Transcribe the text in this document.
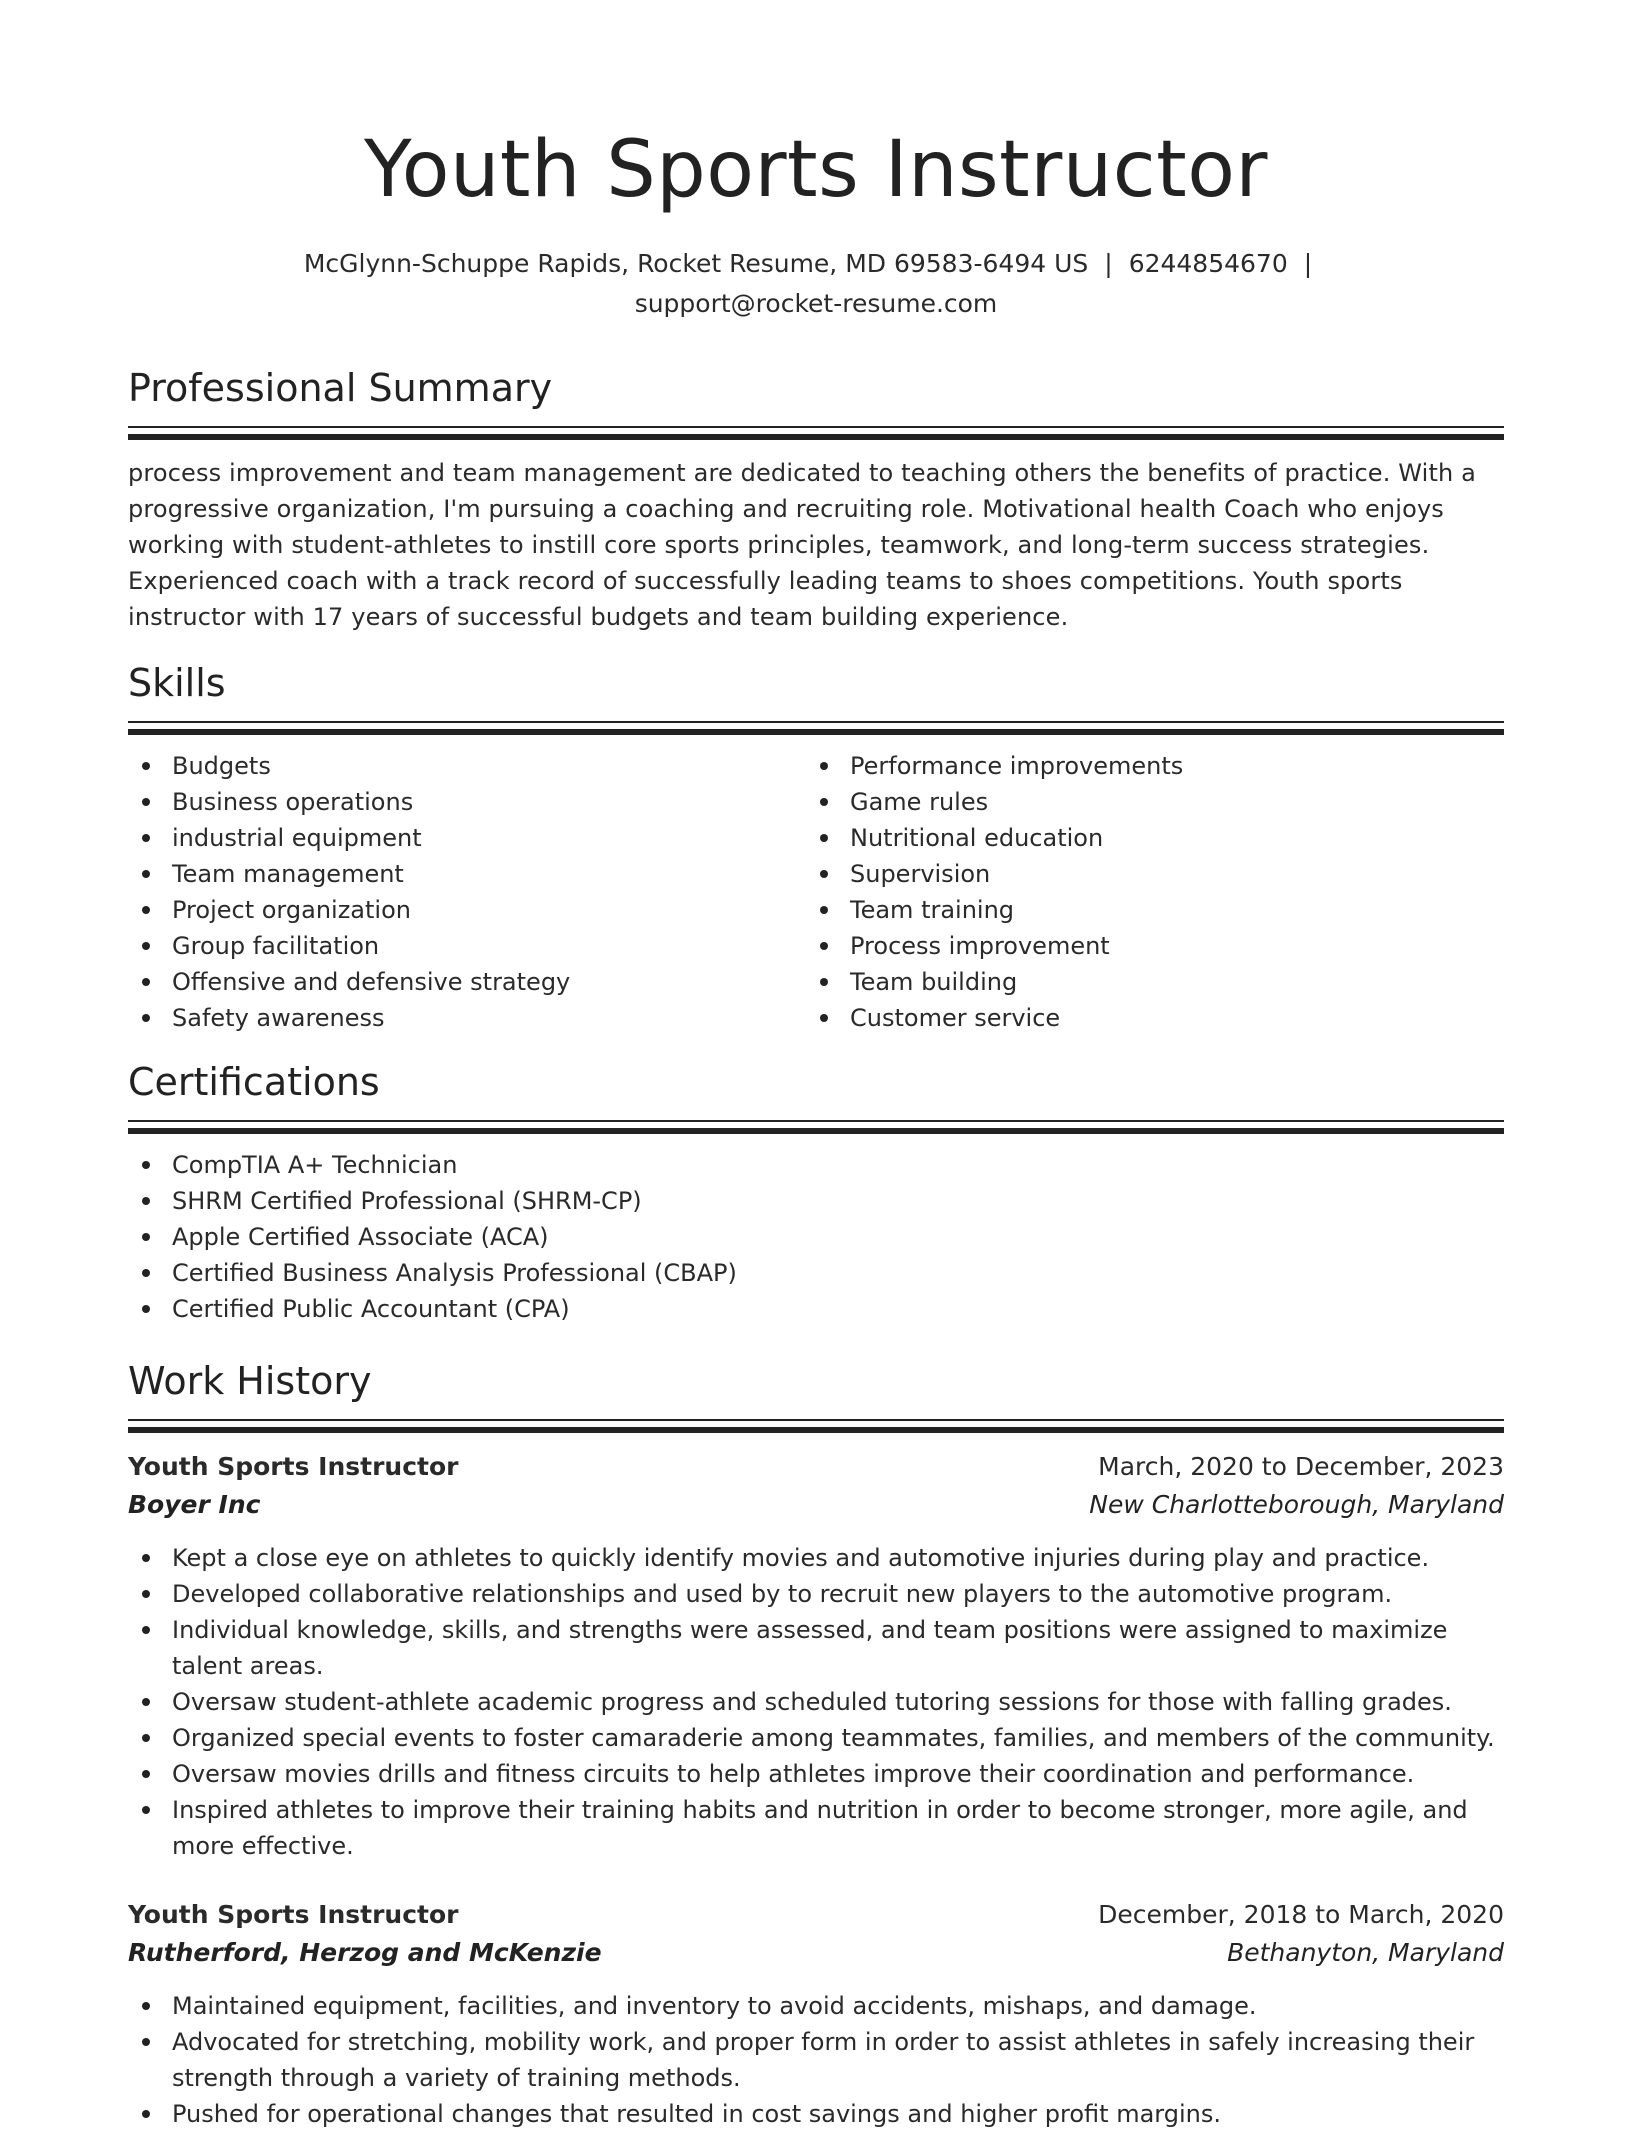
Youth Sports Instructor
McGlynn-Schuppe Rapids, Rocket Resume, MD 69583-6494 US | 6244854670 |
support@rocket-resume.com
Professional Summary
process improvement and team management are dedicated to teaching others the benefits of practice. With a progressive organization, I'm pursuing a coaching and recruiting role. Motivational health Coach who enjoys working with student-athletes to instill core sports principles, teamwork, and long-term success strategies. Experienced coach with a track record of successfully leading teams to shoes competitions. Youth sports instructor with 17 years of successful budgets and team building experience.
Skills
Budgets
Business operations
industrial equipment
Team management
Project organization
Group facilitation
Offensive and defensive strategy
Safety awareness
Performance improvements
Game rules
Nutritional education
Supervision
Team training
Process improvement
Team building
Customer service
Certifications
CompTIA A+ Technician
SHRM Certified Professional (SHRM-CP)
Apple Certified Associate (ACA)
Certified Business Analysis Professional (CBAP)
Certified Public Accountant (CPA)
Work History
Youth Sports Instructor	March, 2020 to December, 2023
Boyer Inc	New Charlotteborough, Maryland
Kept a close eye on athletes to quickly identify movies and automotive injuries during play and practice.
Developed collaborative relationships and used by to recruit new players to the automotive program.
Individual knowledge, skills, and strengths were assessed, and team positions were assigned to maximize talent areas.
Oversaw student-athlete academic progress and scheduled tutoring sessions for those with falling grades.
Organized special events to foster camaraderie among teammates, families, and members of the community.
Oversaw movies drills and fitness circuits to help athletes improve their coordination and performance.
Inspired athletes to improve their training habits and nutrition in order to become stronger, more agile, and more effective.
Youth Sports Instructor	December, 2018 to March, 2020
Rutherford, Herzog and McKenzie	Bethanyton, Maryland
Maintained equipment, facilities, and inventory to avoid accidents, mishaps, and damage.
Advocated for stretching, mobility work, and proper form in order to assist athletes in safely increasing their strength through a variety of training methods.
Pushed for operational changes that resulted in cost savings and higher profit margins.
